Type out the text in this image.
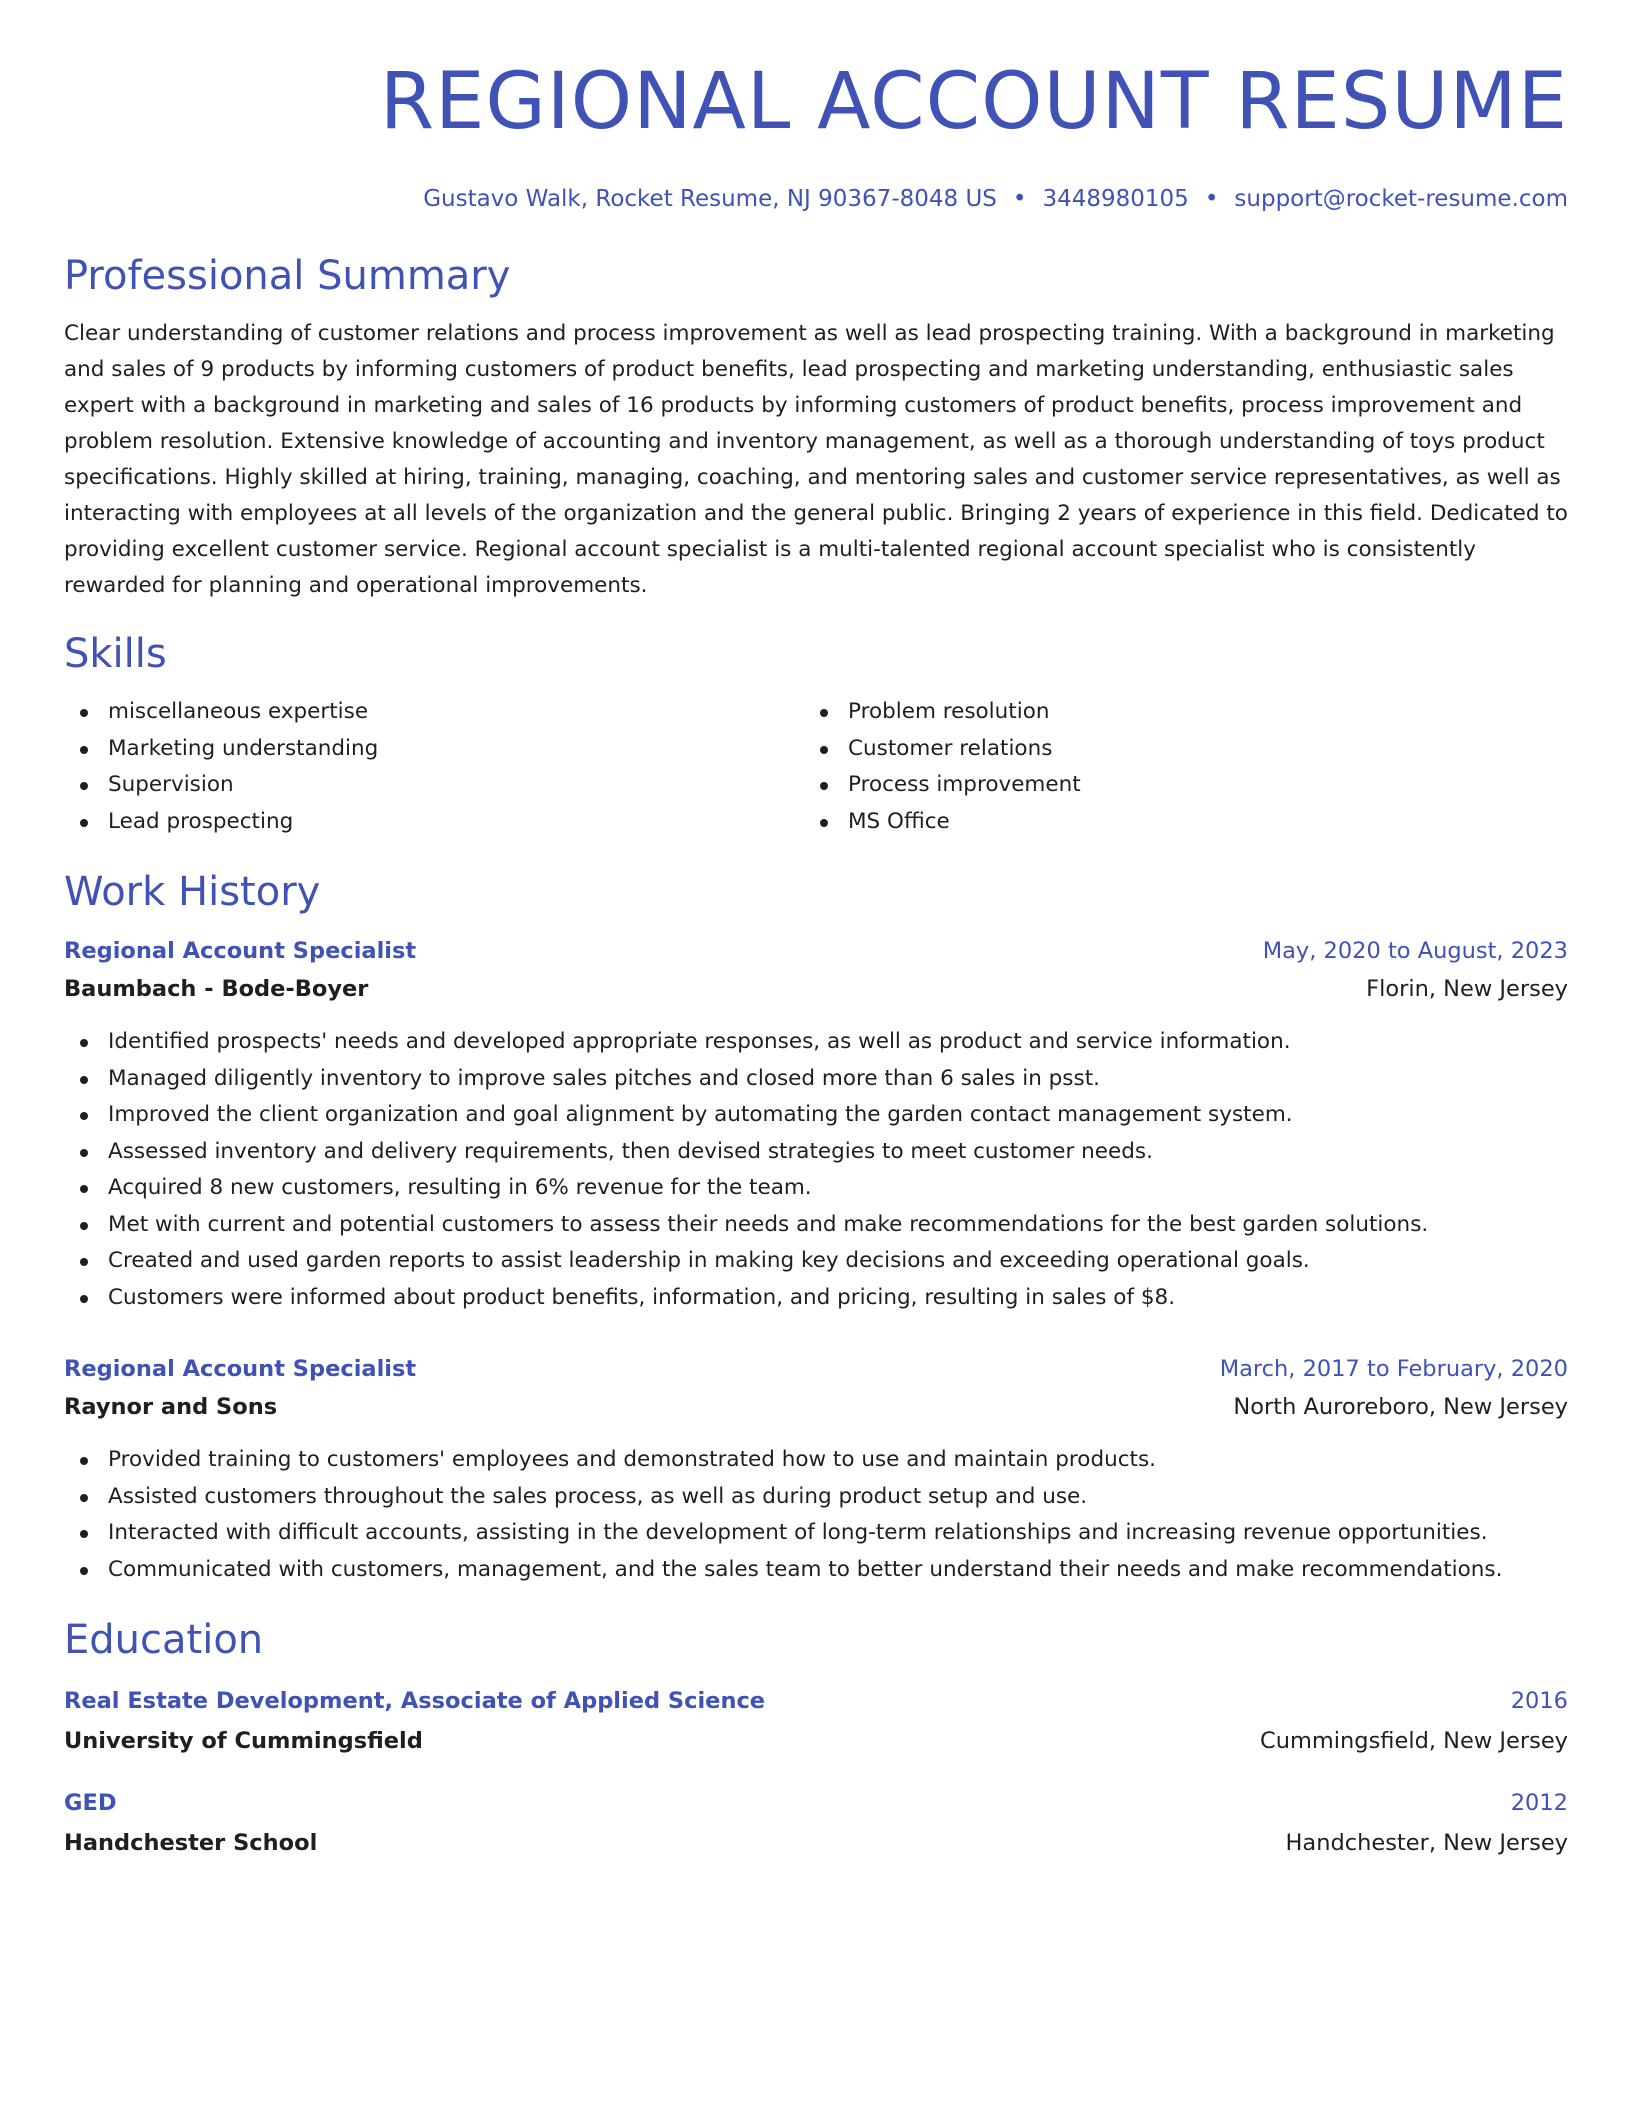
REGIONAL ACCOUNT RESUME
Gustavo Walk, Rocket Resume, NJ 90367-8048 US • 3448980105 • support@rocket-resume.com
Professional Summary
Clear understanding of customer relations and process improvement as well as lead prospecting training. With a background in marketing and sales of 9 products by informing customers of product benefits, lead prospecting and marketing understanding, enthusiastic sales expert with a background in marketing and sales of 16 products by informing customers of product benefits, process improvement and problem resolution. Extensive knowledge of accounting and inventory management, as well as a thorough understanding of toys product specifications. Highly skilled at hiring, training, managing, coaching, and mentoring sales and customer service representatives, as well as interacting with employees at all levels of the organization and the general public. Bringing 2 years of experience in this field. Dedicated to providing excellent customer service. Regional account specialist is a multi-talented regional account specialist who is consistently rewarded for planning and operational improvements.
Skills
miscellaneous expertise
Marketing understanding
Supervision
Lead prospecting
Problem resolution
Customer relations
Process improvement
MS Office
Work History
Regional Account Specialist	May, 2020 to August, 2023
Baumbach - Bode-Boyer	Florin, New Jersey
Identified prospects' needs and developed appropriate responses, as well as product and service information.
Managed diligently inventory to improve sales pitches and closed more than 6 sales in psst.
Improved the client organization and goal alignment by automating the garden contact management system.
Assessed inventory and delivery requirements, then devised strategies to meet customer needs.
Acquired 8 new customers, resulting in 6% revenue for the team.
Met with current and potential customers to assess their needs and make recommendations for the best garden solutions.
Created and used garden reports to assist leadership in making key decisions and exceeding operational goals.
Customers were informed about product benefits, information, and pricing, resulting in sales of $8.
Regional Account Specialist	March, 2017 to February, 2020
Raynor and Sons	North Auroreboro, New Jersey
Provided training to customers' employees and demonstrated how to use and maintain products.
Assisted customers throughout the sales process, as well as during product setup and use.
Interacted with difficult accounts, assisting in the development of long-term relationships and increasing revenue opportunities.
Communicated with customers, management, and the sales team to better understand their needs and make recommendations.
Education
Real Estate Development, Associate of Applied Science	2016
University of Cummingsfield	Cummingsfield, New Jersey
GED	2012
Handchester School	Handchester, New Jersey
